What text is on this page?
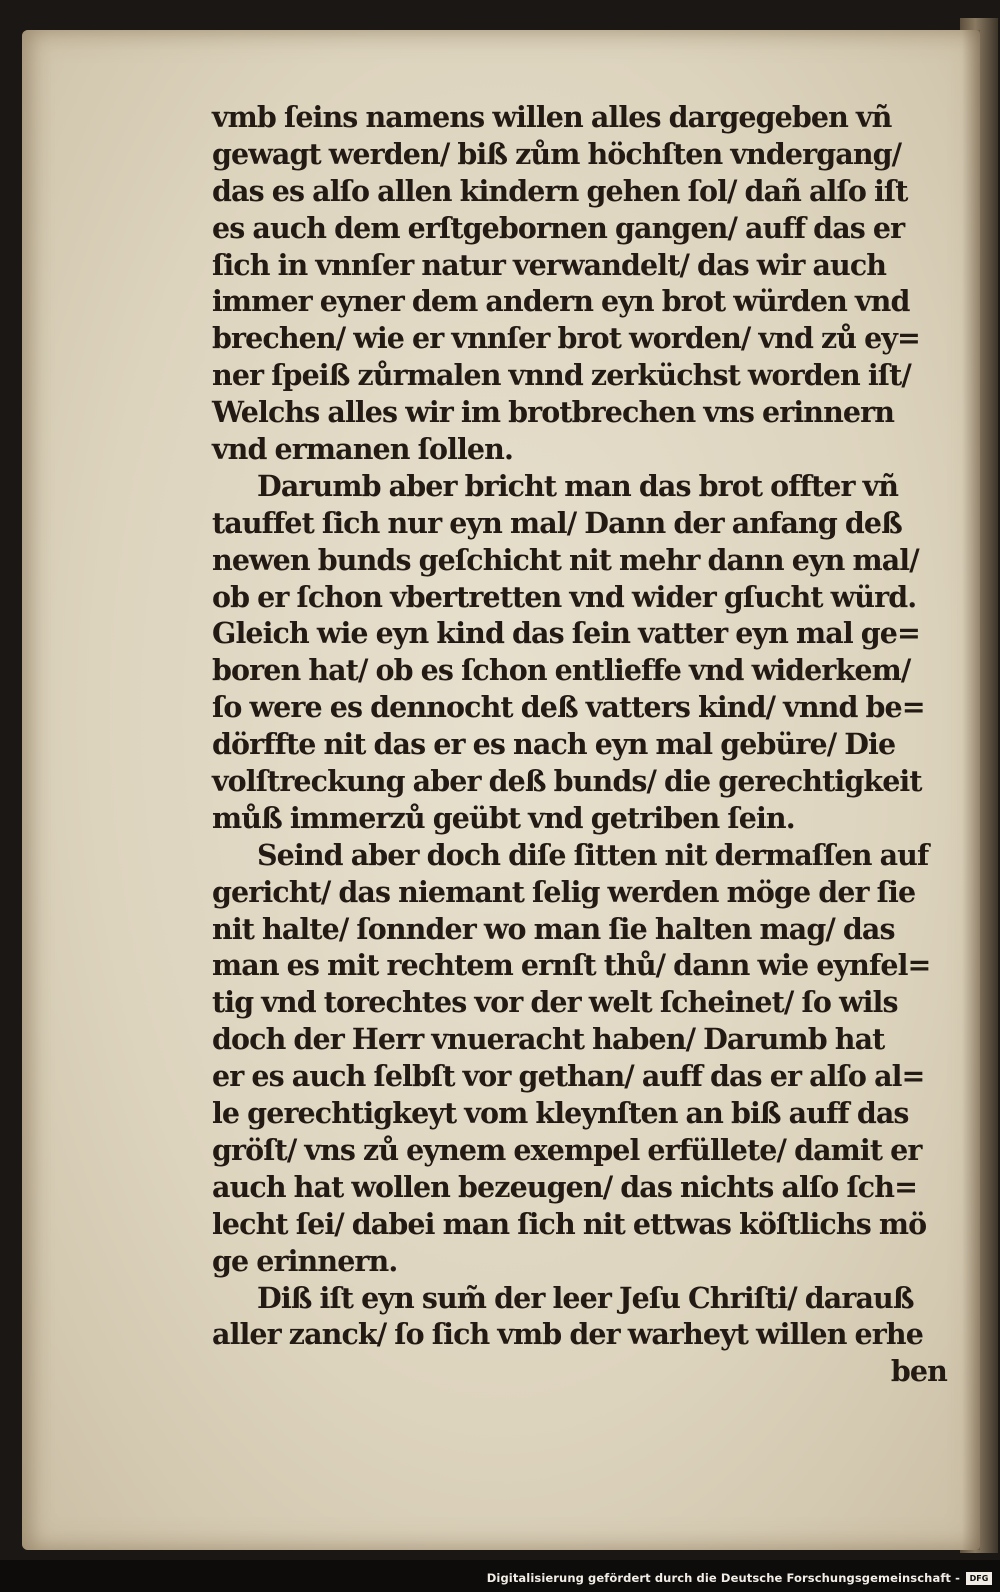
vmb ſeins namens willen alles dargegeben vñ
gewagt werden/ biß zům höchſten vndergang/
das es alſo allen kindern gehen ſol/ dañ alſo iſt
es auch dem erſtgebornen gangen/ auff das er
ſich in vnnſer natur verwandelt/ das wir auch
immer eyner dem andern eyn brot würden vnd
brechen/ wie er vnnſer brot worden/ vnd zů ey=
ner ſpeiß zůrmalen vnnd zerküchst worden iſt/
Welchs alles wir im brotbrechen vns erinnern
vnd ermanen ſollen.
Darumb aber bricht man das brot offter vñ
tauffet ſich nur eyn mal/ Dann der anfang deß
newen bunds geſchicht nit mehr dann eyn mal/
ob er ſchon vbertretten vnd wider gſucht würd.
Gleich wie eyn kind das ſein vatter eyn mal ge=
boren hat/ ob es ſchon entlieffe vnd widerkem/
ſo were es dennocht deß vatters kind/ vnnd be=
dörffte nit das er es nach eyn mal gebüre/ Die
volſtreckung aber deß bunds/ die gerechtigkeit
můß immerzů geübt vnd getriben ſein.
Seind aber doch diſe ſitten nit dermaſſen auf
gericht/ das niemant ſelig werden möge der ſie
nit halte/ ſonnder wo man ſie halten mag/ das
man es mit rechtem ernſt thů/ dann wie eynfel=
tig vnd torechtes vor der welt ſcheinet/ ſo wils
doch der Herr vnueracht haben/ Darumb hat
er es auch ſelbſt vor gethan/ auff das er alſo al=
le gerechtigkeyt vom kleynſten an biß auff das
gröſt/ vns zů eynem exempel erfüllete/ damit er
auch hat wollen bezeugen/ das nichts alſo ſch=
lecht ſei/ dabei man ſich nit ettwas köſtlichs mö
ge erinnern.
Diß iſt eyn sum̃ der leer Jeſu Chriſti/ darauß
aller zanck/ ſo ſich vmb der warheyt willen erhe
ben
Digitalisierung gefördert durch die Deutsche Forschungsgemeinschaft -	DFG
